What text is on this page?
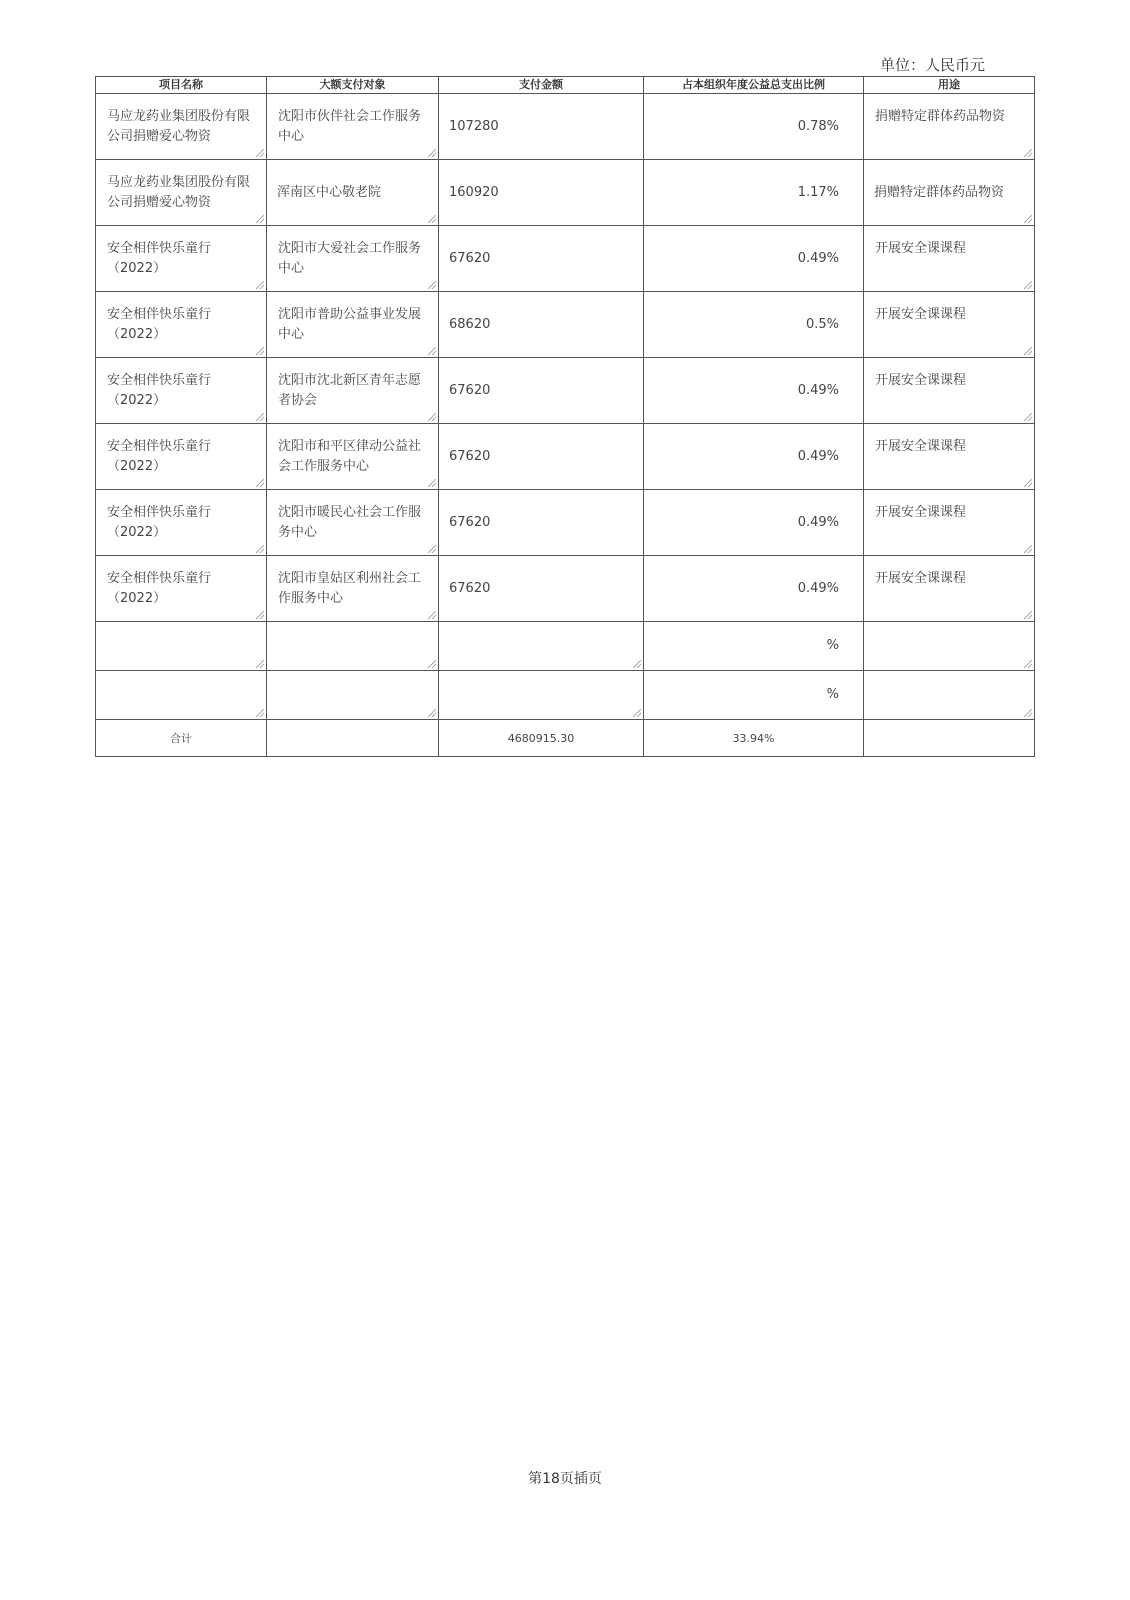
单位：人民币元
项目名称	大额支付对象	支付金额	占本组织年度公益总支出比例	用途

马应龙药业集团股份有限公司捐赠爱心物资	沈阳市伙伴社会工作服务中心	107280	0.78%	捐赠特定群体药品物资

马应龙药业集团股份有限公司捐赠爱心物资	浑南区中心敬老院	160920	1.17%	捐赠特定群体药品物资

安全相伴快乐童行（2022）	沈阳市大爱社会工作服务中心	67620	0.49%	开展安全课课程

安全相伴快乐童行（2022）	沈阳市普助公益事业发展中心	68620	0.5%	开展安全课课程

安全相伴快乐童行（2022）	沈阳市沈北新区青年志愿者协会	67620	0.49%	开展安全课课程

安全相伴快乐童行（2022）	沈阳市和平区律动公益社会工作服务中心	67620	0.49%	开展安全课课程

安全相伴快乐童行（2022）	沈阳市暖民心社会工作服务中心	67620	0.49%	开展安全课课程

安全相伴快乐童行（2022）	沈阳市皇姑区利州社会工作服务中心	67620	0.49%	开展安全课课程

			%	

			%	

合计		4680915.30	33.94%	
第18页插页
